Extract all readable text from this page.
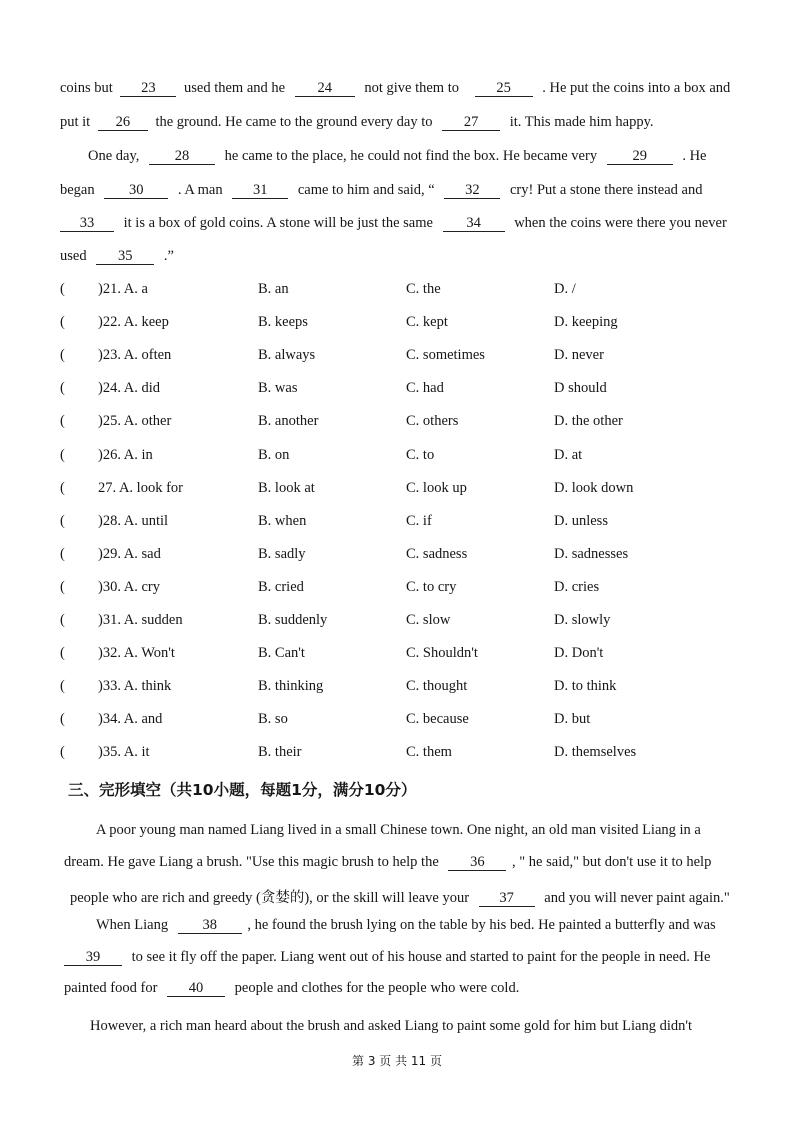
coins but 23 used them and he 24 not give them to	25 . He put the coins into a box and
put it 26 the ground. He came to the ground every day to 27 it. This made him happy.
One day, 28 he came to the place, he could not find the box. He became very 29 . He
began 30 . A man 31 came to him and said, “ 32 cry! Put a stone there instead and
33 it is a box of gold coins. A stone will be just the same 34 when the coins were there you never
used 35 .”
( )21. A. a	B. an	C. the	D. /
( )22. A. keep	B. keeps	C. kept	D. keeping
( )23. A. often	B. always	C. sometimes	D. never
( )24. A. did	B. was	C. had	D should
( )25. A. other	B. another	C. others	D. the other
( )26. A. in	B. on	C. to	D. at
( 27. A. look for	B. look at	C. look up	D. look down
( )28. A. until	B. when	C. if	D. unless
( )29. A. sad	B. sadly	C. sadness	D. sadnesses
( )30. A. cry	B. cried	C. to cry	D. cries
( )31. A. sudden	B. suddenly	C. slow	D. slowly
( )32. A. Won't	B. Can't	C. Shouldn't	D. Don't
( )33. A. think	B. thinking	C. thought	D. to think
( )34. A. and	B. so	C. because	D. but
( )35. A. it	B. their	C. them	D. themselves
三、完形填空（共10小题，每题1分，满分10分）
A poor young man named Liang lived in a small Chinese town. One night, an old man visited Liang in a
dream. He gave Liang a brush. "Use this magic brush to help the 36 , " he said," but don't use it to help
people who are rich and greedy (贪婪的), or the skill will leave your 37 and you will never paint again."
When Liang 38 , he found the brush lying on the table by his bed. He painted a butterfly and was
39 to see it fly off the paper. Liang went out of his house and started to paint for the people in need. He
painted food for 40 people and clothes for the people who were cold.
However, a rich man heard about the brush and asked Liang to paint some gold for him but Liang didn't
第 3 页 共 11 页
